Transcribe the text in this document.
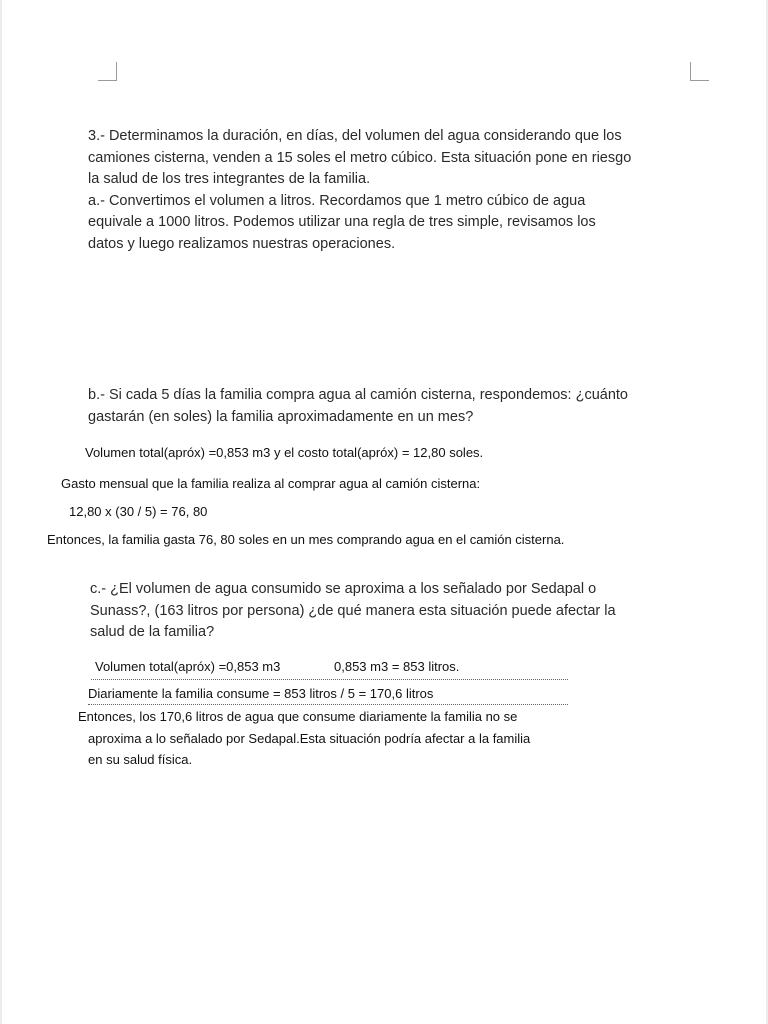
3.- Determinamos la duración, en días, del volumen del agua considerando que los
camiones cisterna, venden a 15 soles el metro cúbico. Esta situación pone en riesgo
la salud de los tres integrantes de la familia.
a.- Convertimos el volumen a litros. Recordamos que 1 metro cúbico de agua
equivale a 1000 litros. Podemos utilizar una regla de tres simple, revisamos los
datos y luego realizamos nuestras operaciones.
b.- Si cada 5 días la familia compra agua al camión cisterna, respondemos: ¿cuánto
gastarán (en soles) la familia aproximadamente en un mes?
Volumen total(apróx) =0,853 m3 y el costo total(apróx) = 12,80 soles.
Gasto mensual que la familia realiza al comprar agua al camión cisterna:
12,80 x (30 / 5) = 76, 80
Entonces, la familia gasta 76, 80 soles en un mes comprando agua en el camión cisterna.
c.- ¿El volumen de agua consumido se aproxima a los señalado por Sedapal o
Sunass?, (163 litros por persona) ¿de qué manera esta situación puede afectar la
salud de la familia?
Volumen total(apróx) =0,853 m3	0,853 m3 = 853 litros.
Diariamente la familia consume = 853 litros / 5 = 170,6 litros
Entonces, los 170,6 litros de agua que consume diariamente la familia no se
aproxima a lo señalado por Sedapal.Esta situación podría afectar a la familia
en su salud física.
